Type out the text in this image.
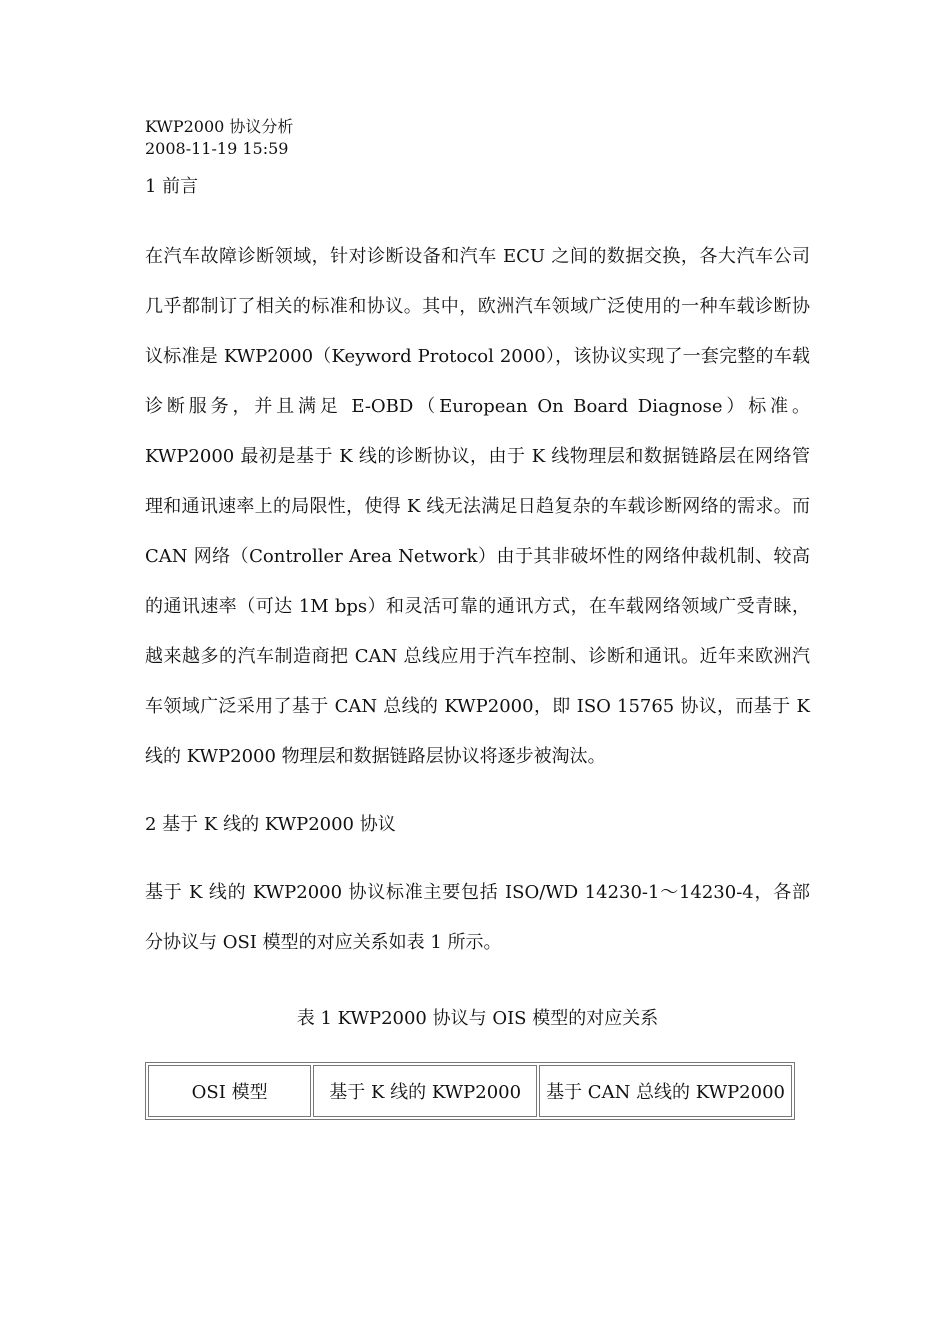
KWP2000 协议分析

2008-11-19 15:59

1 前言

在汽车故障诊断领域，针对诊断设备和汽车 ECU 之间的数据交换，各大汽车公司几乎都制订了相关的标准和协议。其中，欧洲汽车领域广泛使用的一种车载诊断协议标准是 KWP2000（Keyword Protocol 2000），该协议实现了一套完整的车载诊断服务，并且满足 E-OBD（European On Board Diagnose）标准。KWP2000 最初是基于 K 线的诊断协议，由于 K 线物理层和数据链路层在网络管理和通讯速率上的局限性，使得 K 线无法满足日趋复杂的车载诊断网络的需求。而 CAN 网络（Controller Area Network）由于其非破坏性的网络仲裁机制、较高的通讯速率（可达 1M bps）和灵活可靠的通讯方式，在车载网络领域广受青睐，越来越多的汽车制造商把 CAN 总线应用于汽车控制、诊断和通讯。近年来欧洲汽车领域广泛采用了基于 CAN 总线的 KWP2000，即 ISO 15765 协议，而基于 K 线的 KWP2000 物理层和数据链路层协议将逐步被淘汰。

2 基于 K 线的 KWP2000 协议

基于 K 线的 KWP2000 协议标准主要包括 ISO/WD 14230-1～14230-4，各部分协议与 OSI 模型的对应关系如表 1 所示。

表 1 KWP2000 协议与 OIS 模型的对应关系

OSI 模型	基于 K 线的 KWP2000	基于 CAN 总线的 KWP2000
